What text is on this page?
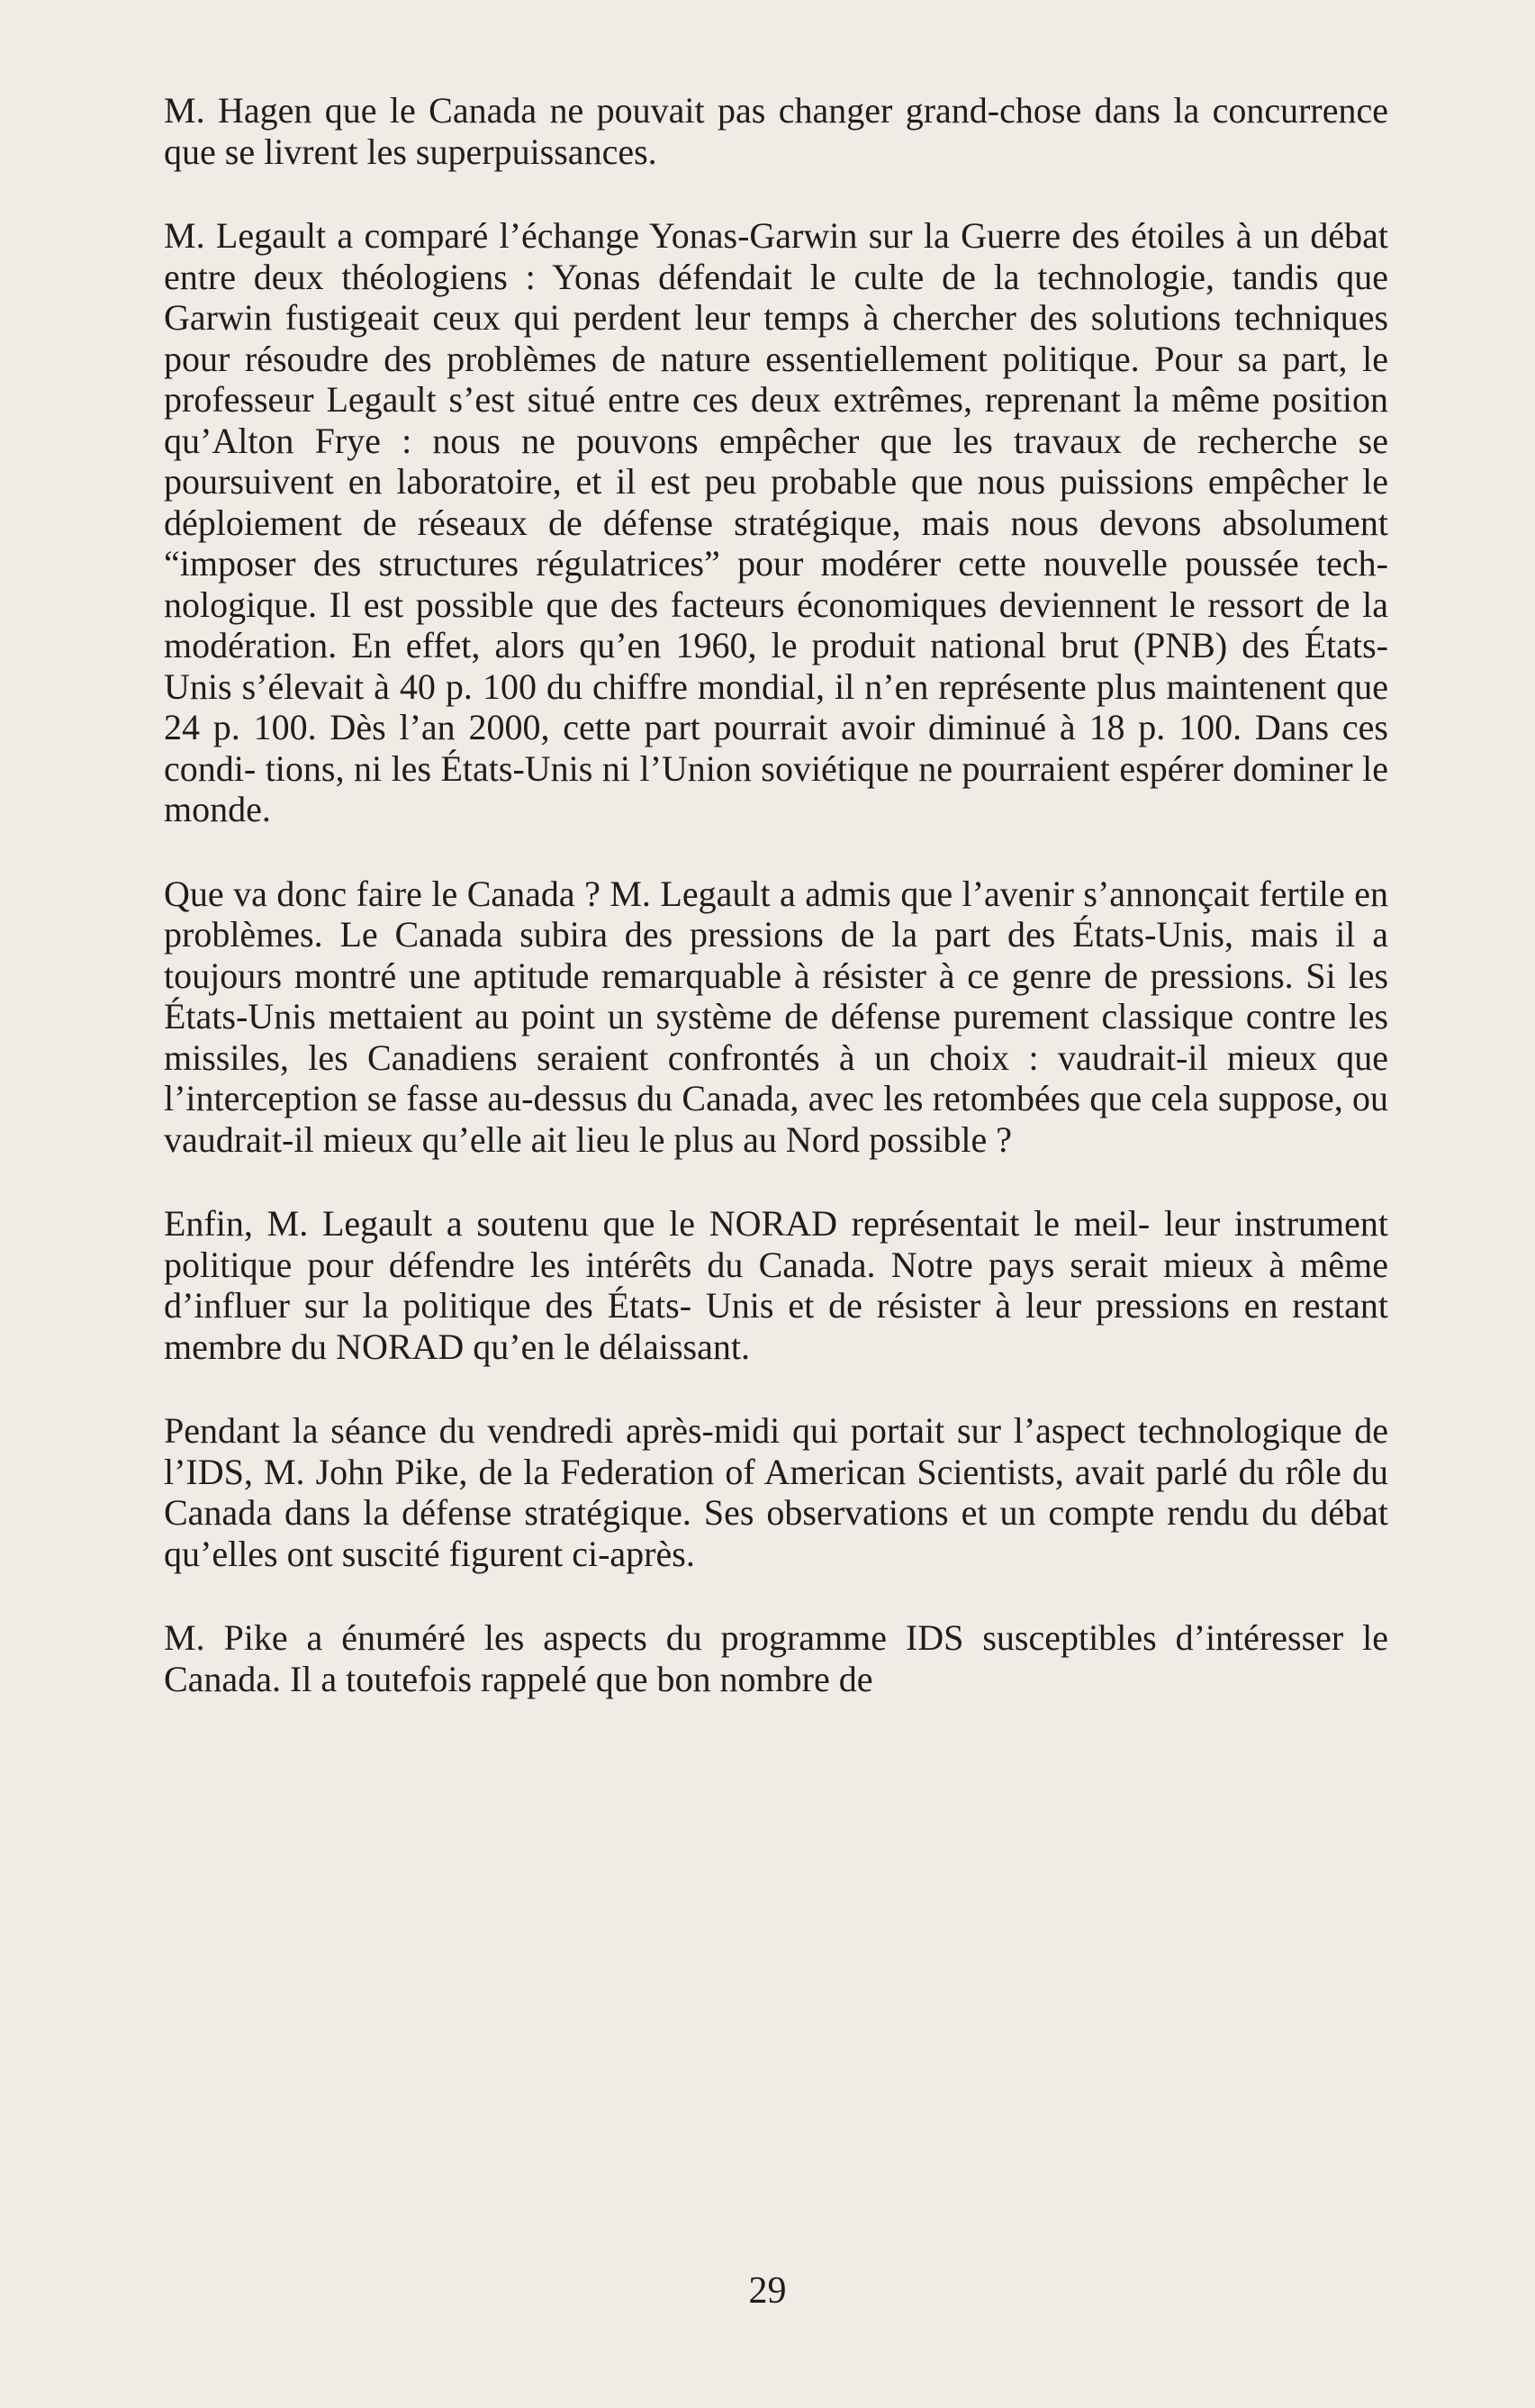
M. Hagen que le Canada ne pouvait pas changer grand-chose dans la concurrence que se livrent les superpuissances.

M. Legault a comparé l’échange Yonas-Garwin sur la Guerre des étoiles à un débat entre deux théologiens : Yonas défendait le culte de la technologie, tandis que Garwin fustigeait ceux qui perdent leur temps à chercher des solutions techniques pour résoudre des problèmes de nature essentiellement politique. Pour sa part, le professeur Legault s’est situé entre ces deux extrêmes, reprenant la même position qu’Alton Frye : nous ne pouvons empêcher que les travaux de recherche se poursuivent en laboratoire, et il est peu probable que nous puissions empêcher le déploiement de réseaux de défense stratégique, mais nous devons absolument “imposer des structures régulatrices” pour modérer cette nouvelle poussée tech- nologique. Il est possible que des facteurs économiques deviennent le ressort de la modération. En effet, alors qu’en 1960, le produit national brut (PNB) des États-Unis s’élevait à 40 p. 100 du chiffre mondial, il n’en représente plus maintenent que 24 p. 100. Dès l’an 2000, cette part pourrait avoir diminué à 18 p. 100. Dans ces condi- tions, ni les États-Unis ni l’Union soviétique ne pourraient espérer dominer le monde.

Que va donc faire le Canada ? M. Legault a admis que l’avenir s’annonçait fertile en problèmes. Le Canada subira des pressions de la part des États-Unis, mais il a toujours montré une aptitude remarquable à résister à ce genre de pressions. Si les États-Unis mettaient au point un système de défense purement classique contre les missiles, les Canadiens seraient confrontés à un choix : vaudrait-il mieux que l’interception se fasse au-dessus du Canada, avec les retombées que cela suppose, ou vaudrait-il mieux qu’elle ait lieu le plus au Nord possible ?

Enfin, M. Legault a soutenu que le NORAD représentait le meil- leur instrument politique pour défendre les intérêts du Canada. Notre pays serait mieux à même d’influer sur la politique des États- Unis et de résister à leur pressions en restant membre du NORAD qu’en le délaissant.

Pendant la séance du vendredi après-midi qui portait sur l’aspect technologique de l’IDS, M. John Pike, de la Federation of American Scientists, avait parlé du rôle du Canada dans la défense stratégique. Ses observations et un compte rendu du débat qu’elles ont suscité figurent ci-après.

M. Pike a énuméré les aspects du programme IDS susceptibles d’intéresser le Canada. Il a toutefois rappelé que bon nombre de

29
